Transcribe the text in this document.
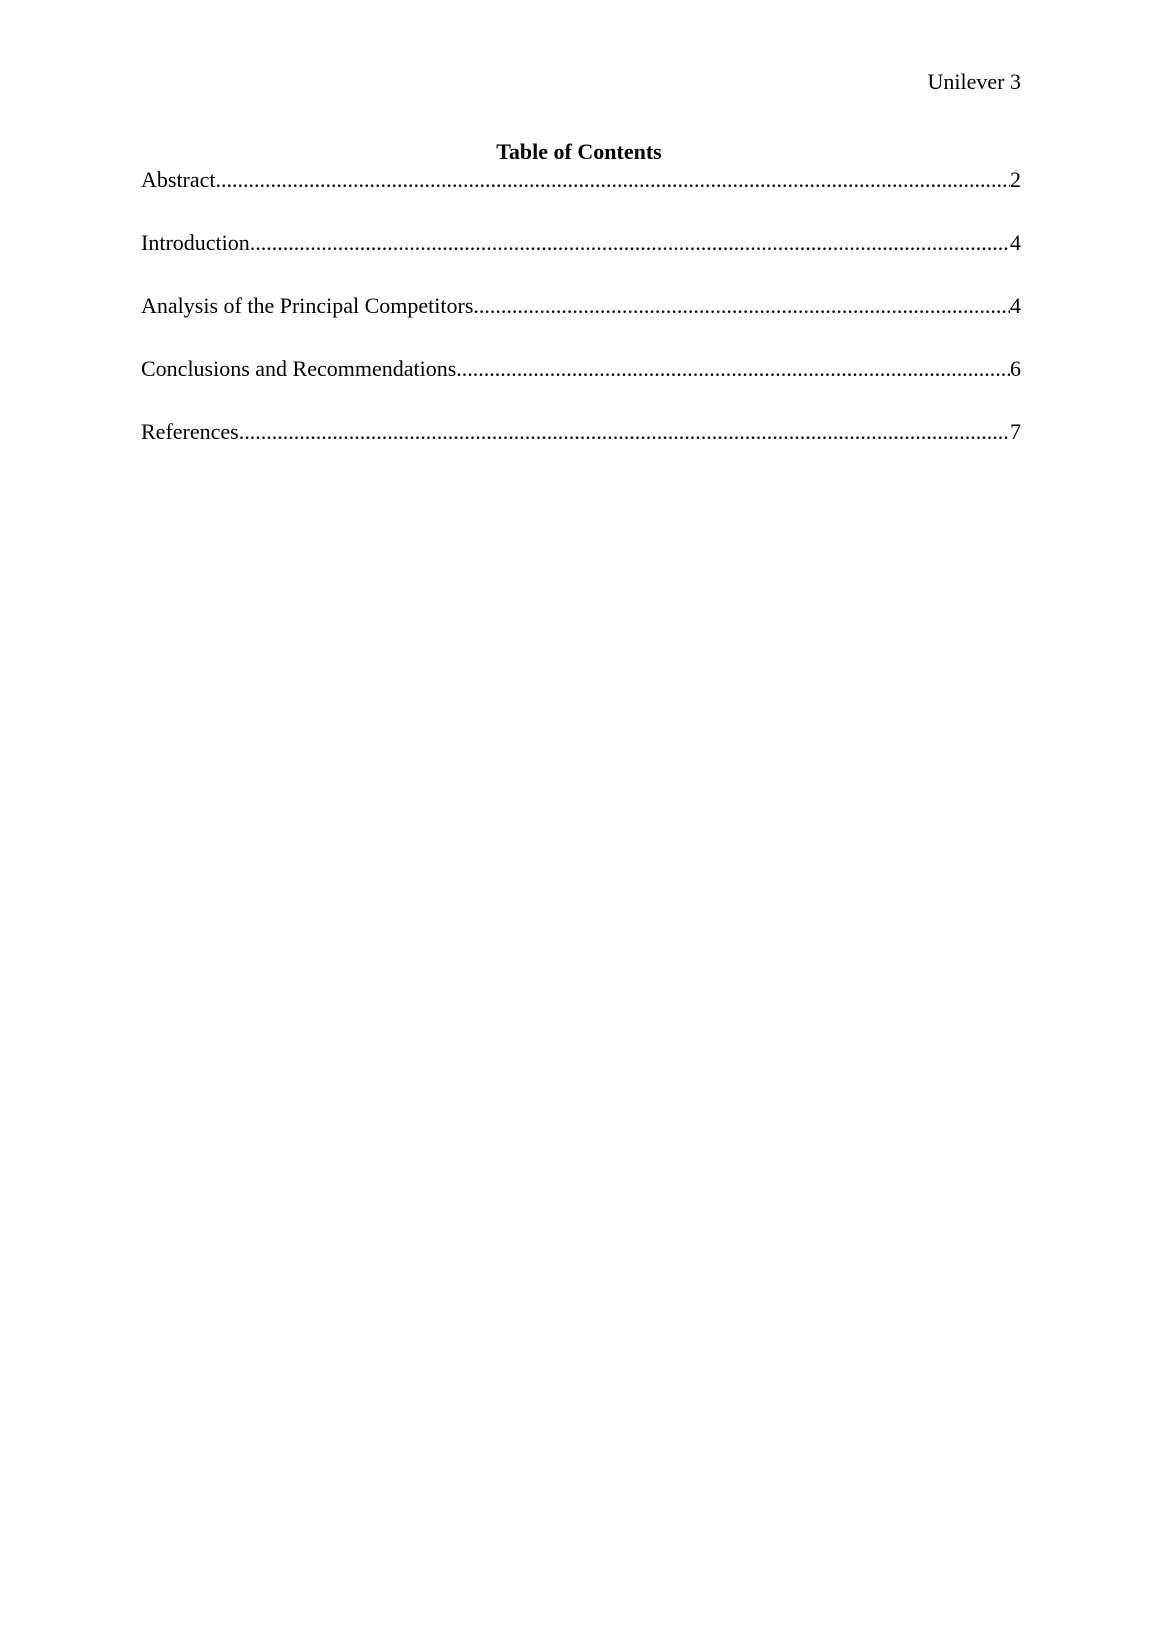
Unilever 3
Table of Contents
Abstract .....	2
Introduction .....	4
Analysis of the Principal Competitors .....	4
Conclusions and Recommendations .....	6
References .....	7
